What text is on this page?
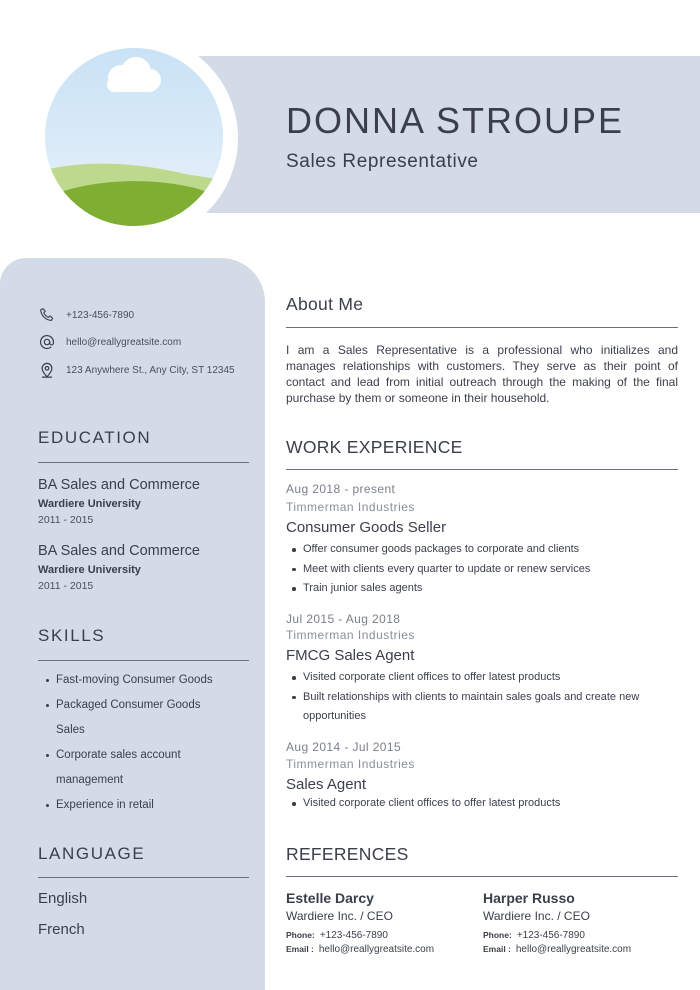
DONNA STROUPE
Sales Representative
+123-456-7890
hello@reallygreatsite.com
123 Anywhere St., Any City, ST 12345
EDUCATION
BA Sales and Commerce
Wardiere University
2011 - 2015
BA Sales and Commerce
Wardiere University
2011 - 2015
SKILLS
Fast-moving Consumer Goods
Packaged Consumer Goods Sales
Corporate sales account management
Experience in retail
LANGUAGE
English
French
About Me

I am a Sales Representative is a professional who initializes and manages relationships with customers. They serve as their point of contact and lead from initial outreach through the making of the final purchase by them or someone in their household.

WORK EXPERIENCE
Aug 2018 - present
Timmerman Industries
Consumer Goods Seller
Offer consumer goods packages to corporate and clients
Meet with clients every quarter to update or renew services
Train junior sales agents
Jul 2015 - Aug 2018
Timmerman Industries
FMCG Sales Agent
Visited corporate client offices to offer latest products
Built relationships with clients to maintain sales goals and create new opportunities
Aug 2014 - Jul 2015
Timmerman Industries
Sales Agent
Visited corporate client offices to offer latest products
REFERENCES
Estelle Darcy
Wardiere Inc. / CEO
Phone: +123-456-7890
Email : hello@reallygreatsite.com
Harper Russo
Wardiere Inc. / CEO
Phone: +123-456-7890
Email : hello@reallygreatsite.com
